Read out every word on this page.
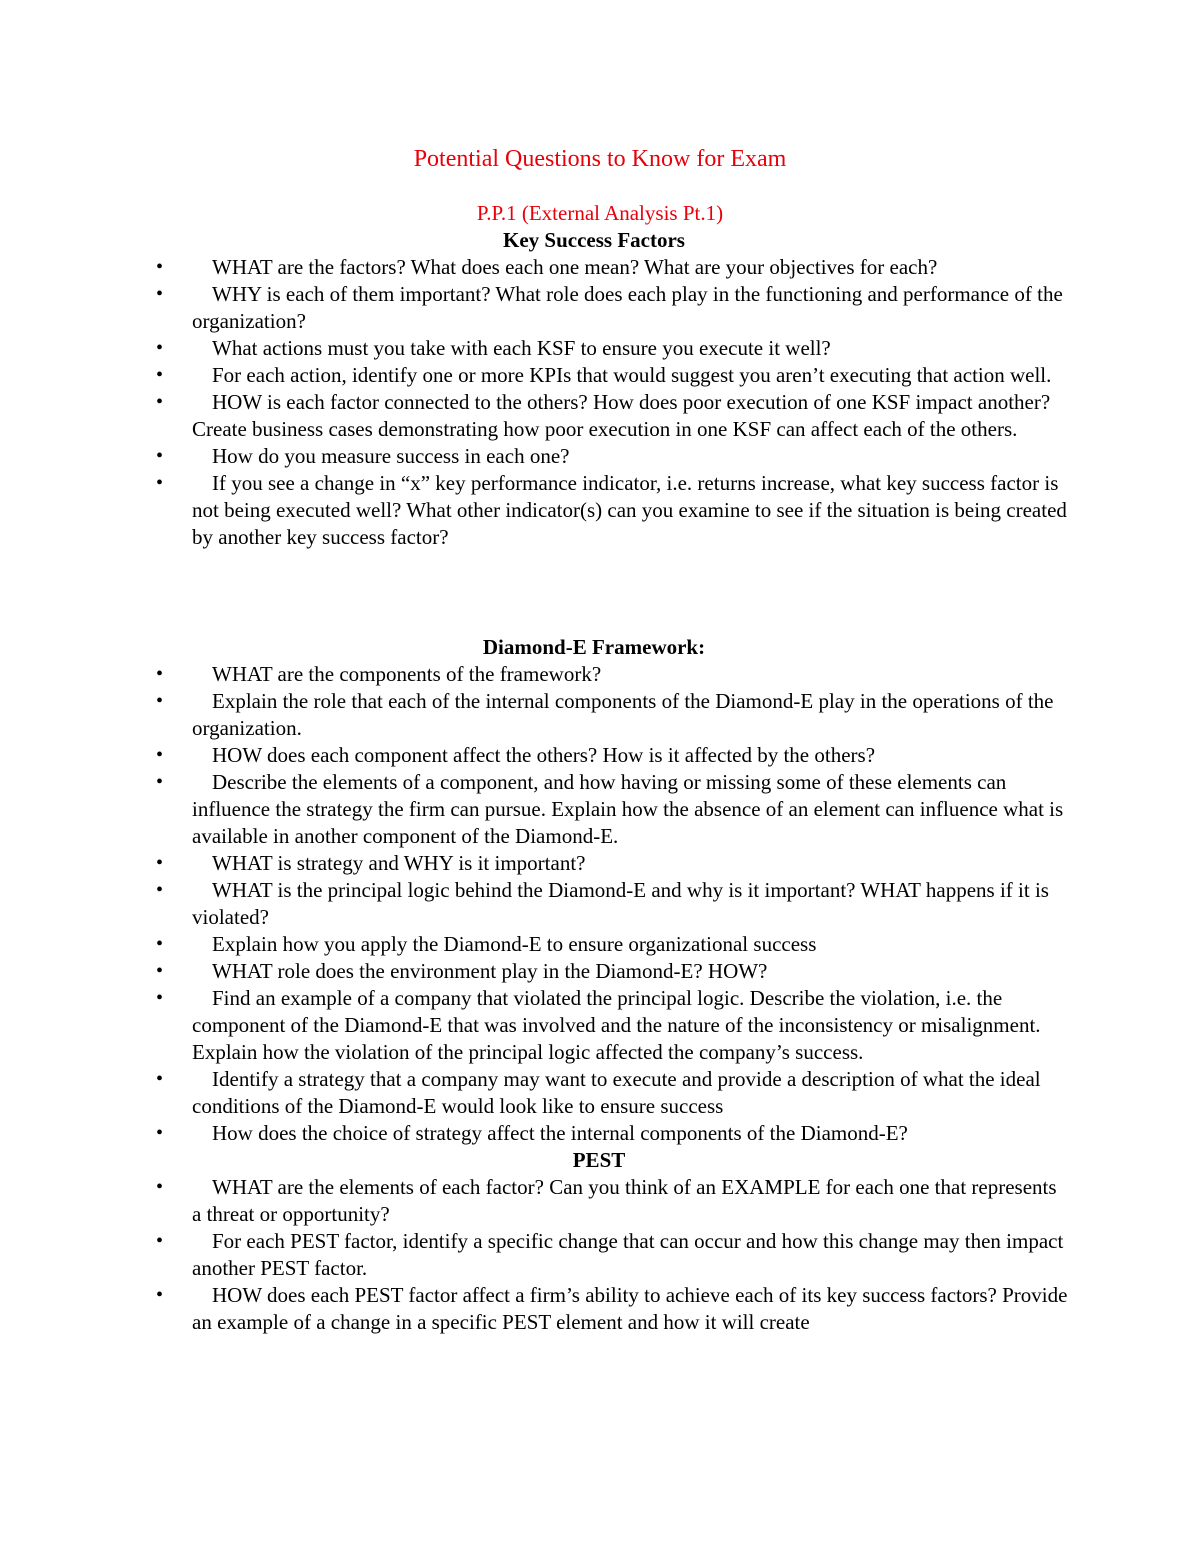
Potential Questions to Know for Exam
P.P.1 (External Analysis Pt.1)
Key Success Factors
• WHAT are the factors? What does each one mean? What are your objectives for each?
• WHY is each of them important? What role does each play in the functioning and performance of the organization?
• What actions must you take with each KSF to ensure you execute it well?
• For each action, identify one or more KPIs that would suggest you aren’t executing that action well.
• HOW is each factor connected to the others? How does poor execution of one KSF impact another? Create business cases demonstrating how poor execution in one KSF can affect each of the others.
• How do you measure success in each one?
• If you see a change in “x” key performance indicator, i.e. returns increase, what key success factor is not being executed well? What other indicator(s) can you examine to see if the situation is being created by another key success factor?
Diamond-E Framework:
• WHAT are the components of the framework?
• Explain the role that each of the internal components of the Diamond-E play in the operations of the organization.
• HOW does each component affect the others? How is it affected by the others?
• Describe the elements of a component, and how having or missing some of these elements can influence the strategy the firm can pursue. Explain how the absence of an element can influence what is available in another component of the Diamond-E.
• WHAT is strategy and WHY is it important?
• WHAT is the principal logic behind the Diamond-E and why is it important? WHAT happens if it is violated?
• Explain how you apply the Diamond-E to ensure organizational success
• WHAT role does the environment play in the Diamond-E? HOW?
• Find an example of a company that violated the principal logic. Describe the violation, i.e. the component of the Diamond-E that was involved and the nature of the inconsistency or misalignment. Explain how the violation of the principal logic affected the company’s success.
• Identify a strategy that a company may want to execute and provide a description of what the ideal conditions of the Diamond-E would look like to ensure success
• How does the choice of strategy affect the internal components of the Diamond-E?
PEST
• WHAT are the elements of each factor? Can you think of an EXAMPLE for each one that represents a threat or opportunity?
• For each PEST factor, identify a specific change that can occur and how this change may then impact another PEST factor.
• HOW does each PEST factor affect a firm’s ability to achieve each of its key success factors? Provide an example of a change in a specific PEST element and how it will create
